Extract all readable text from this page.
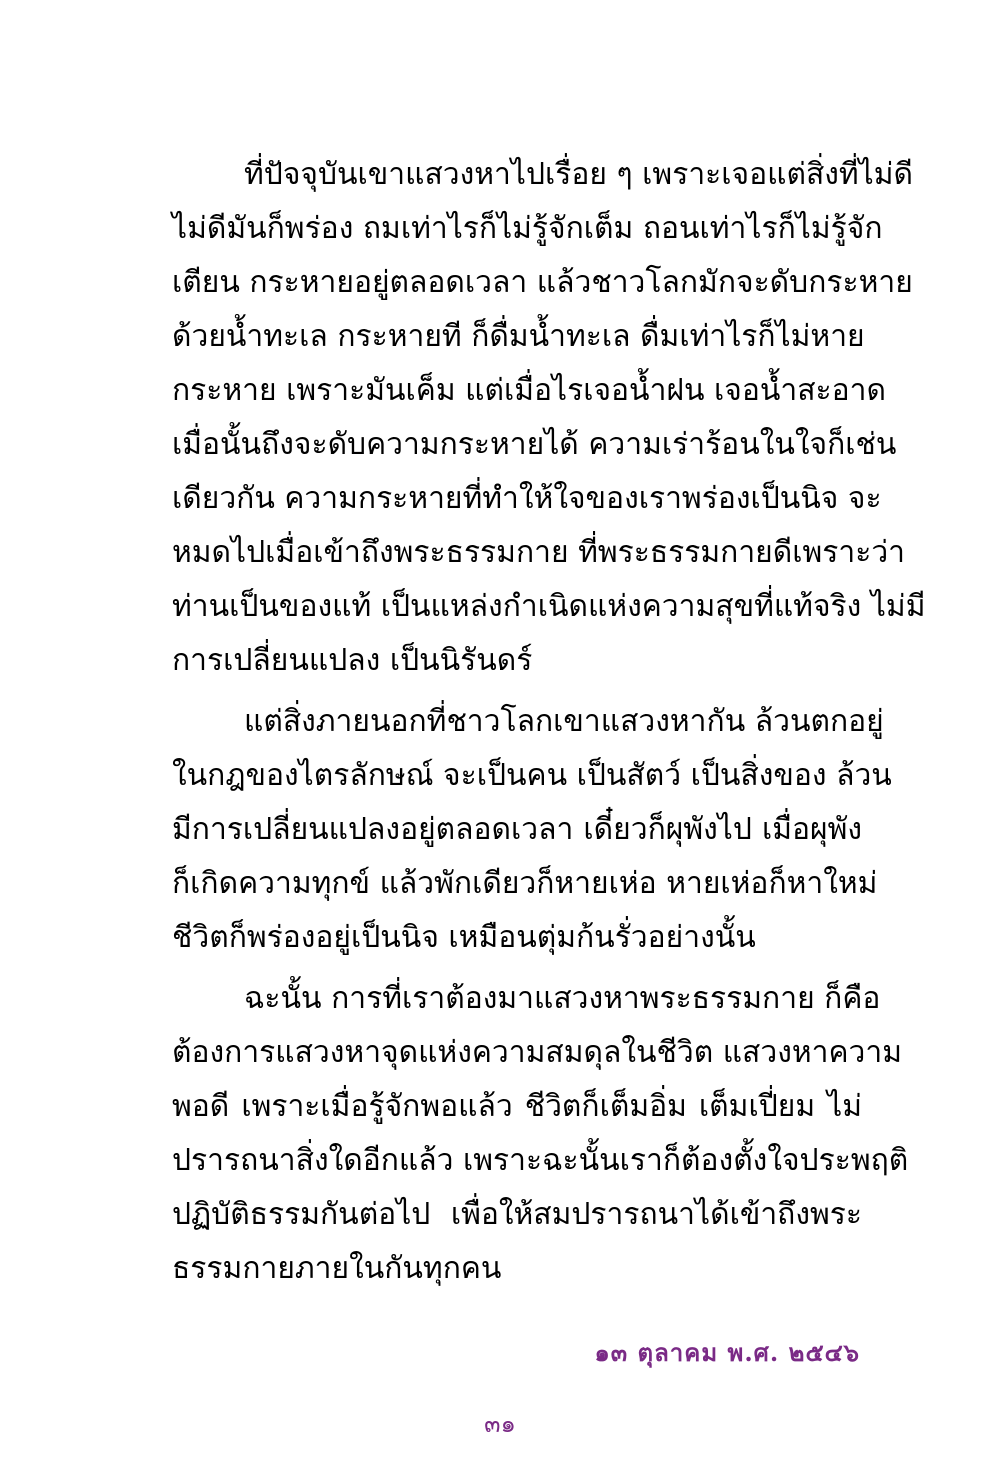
ที่ปัจจุบันเขาแสวงหาไปเรื่อย ๆ เพราะเจอแต่สิ่งที่ไม่ดี
ไม่ดีมันก็พร่อง ถมเท่าไรก็ไม่รู้จักเต็ม ถอนเท่าไรก็ไม่รู้จัก
เตียน กระหายอยู่ตลอดเวลา แล้วชาวโลกมักจะดับกระหาย
ด้วยน้ำทะเล กระหายที ก็ดื่มน้ำทะเล ดื่มเท่าไรก็ไม่หาย
กระหาย เพราะมันเค็ม แต่เมื่อไรเจอน้ำฝน เจอน้ำสะอาด
เมื่อนั้นถึงจะดับความกระหายได้ ความเร่าร้อนในใจก็เช่น
เดียวกัน ความกระหายที่ทำให้ใจของเราพร่องเป็นนิจ จะ
หมดไปเมื่อเข้าถึงพระธรรมกาย ที่พระธรรมกายดีเพราะว่า
ท่านเป็นของแท้ เป็นแหล่งกำเนิดแห่งความสุขที่แท้จริง ไม่มี
การเปลี่ยนแปลง เป็นนิรันดร์

แต่สิ่งภายนอกที่ชาวโลกเขาแสวงหากัน ล้วนตกอยู่
ในกฎของไตรลักษณ์ จะเป็นคน เป็นสัตว์ เป็นสิ่งของ ล้วน
มีการเปลี่ยนแปลงอยู่ตลอดเวลา เดี๋ยวก็ผุพังไป เมื่อผุพัง
ก็เกิดความทุกข์ แล้วพักเดียวก็หายเห่อ หายเห่อก็หาใหม่
ชีวิตก็พร่องอยู่เป็นนิจ เหมือนตุ่มก้นรั่วอย่างนั้น

ฉะนั้น การที่เราต้องมาแสวงหาพระธรรมกาย ก็คือ
ต้องการแสวงหาจุดแห่งความสมดุลในชีวิต แสวงหาความ
พอดี เพราะเมื่อรู้จักพอแล้ว ชีวิตก็เต็มอิ่ม เต็มเปี่ยม ไม่
ปรารถนาสิ่งใดอีกแล้ว เพราะฉะนั้นเราก็ต้องตั้งใจประพฤติ
ปฏิบัติธรรมกันต่อไป เพื่อให้สมปรารถนาได้เข้าถึงพระ
ธรรมกายภายในกันทุกคน

๑๓ ตุลาคม พ.ศ. ๒๕๔๖
๓๑
